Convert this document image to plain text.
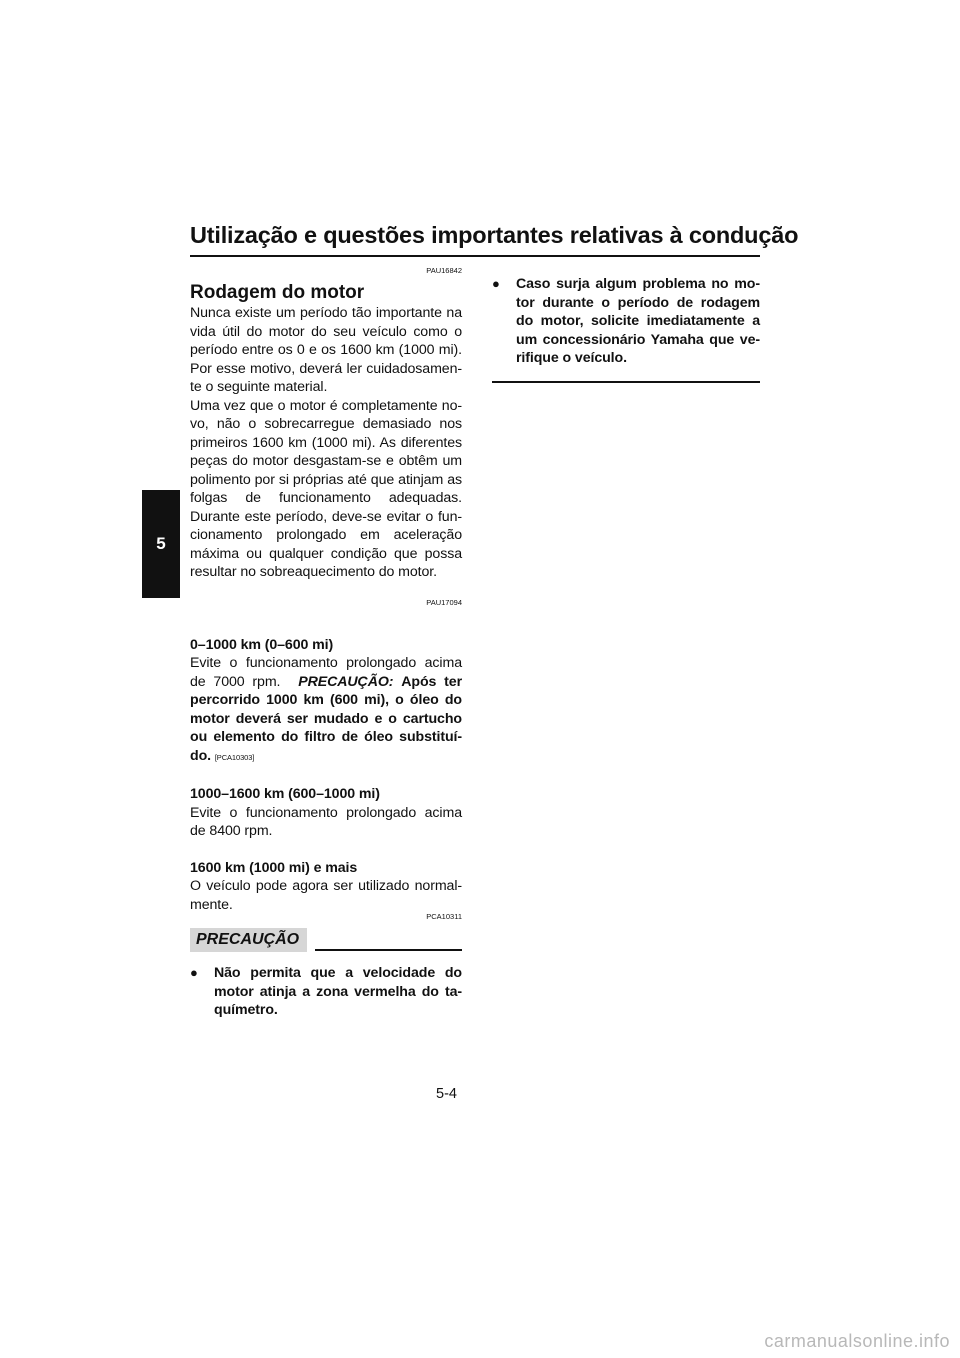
Utilização e questões importantes relativas à condução
5
PAU16842
Rodagem do motor

Nunca existe um período tão importante na vida útil do motor do seu veículo como o período entre os 0 e os 1600 km (1000 mi). Por esse motivo, deverá ler cuidadosamen-te o seguinte material.

Uma vez que o motor é completamente no-vo, não o sobrecarregue demasiado nos primeiros 1600 km (1000 mi). As diferentes peças do motor desgastam-se e obtêm um polimento por si próprias até que atinjam as folgas de funcionamento adequadas. Durante este período, deve-se evitar o fun-cionamento prolongado em aceleração máxima ou qualquer condição que possa resultar no sobreaquecimento do motor.

PAU17094

0–1000 km (0–600 mi)

Evite o funcionamento prolongado acima de 7000 rpm. PRECAUÇÃO: Após ter percorrido 1000 km (600 mi), o óleo do motor deverá ser mudado e o cartucho ou elemento do filtro de óleo substituí-do. [PCA10303]

1000–1600 km (600–1000 mi)

Evite o funcionamento prolongado acima de 8400 rpm.

1600 km (1000 mi) e mais

O veículo pode agora ser utilizado normal-mente.

PCA10311
PRECAUÇÃO
●	Não permita que a velocidade do motor atinja a zona vermelha do ta-químetro.
●	Caso surja algum problema no mo-tor durante o período de rodagem do motor, solicite imediatamente a um concessionário Yamaha que ve-rifique o veículo.
5-4
carmanualsonline.info
